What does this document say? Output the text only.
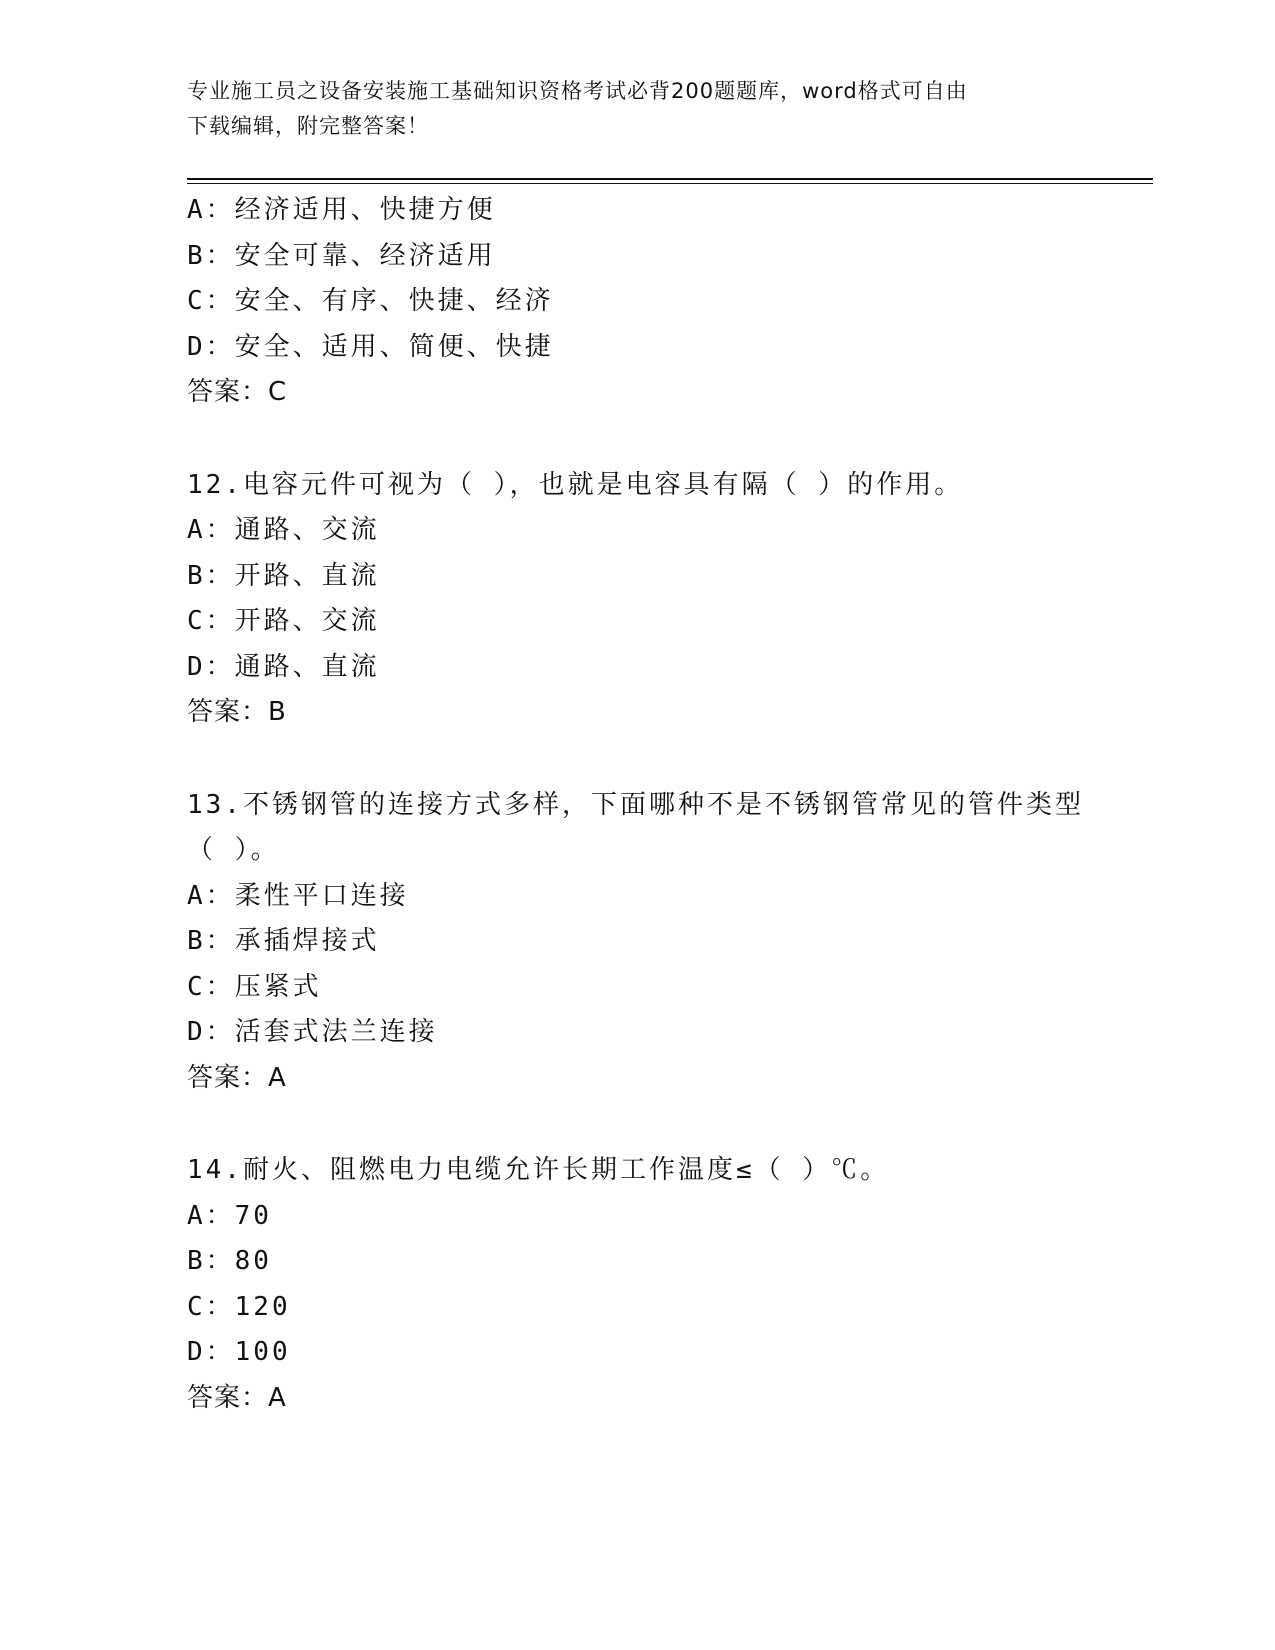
专业施工员之设备安装施工基础知识资格考试必背200题题库，word格式可自由
下载编辑，附完整答案！
A：经济适用、快捷方便
B：安全可靠、经济适用
C：安全、有序、快捷、经济
D：安全、适用、简便、快捷
答案：C
12.电容元件可视为（ ），也就是电容具有隔（ ）的作用。
A：通路、交流
B：开路、直流
C：开路、交流
D：通路、直流
答案：B
13.不锈钢管的连接方式多样，下面哪种不是不锈钢管常见的管件类型
（ ）。
A：柔性平口连接
B：承插焊接式
C：压紧式
D：活套式法兰连接
答案：A
14.耐火、阻燃电力电缆允许长期工作温度≤（ ）℃。
A：70
B：80
C：120
D：100
答案：A
